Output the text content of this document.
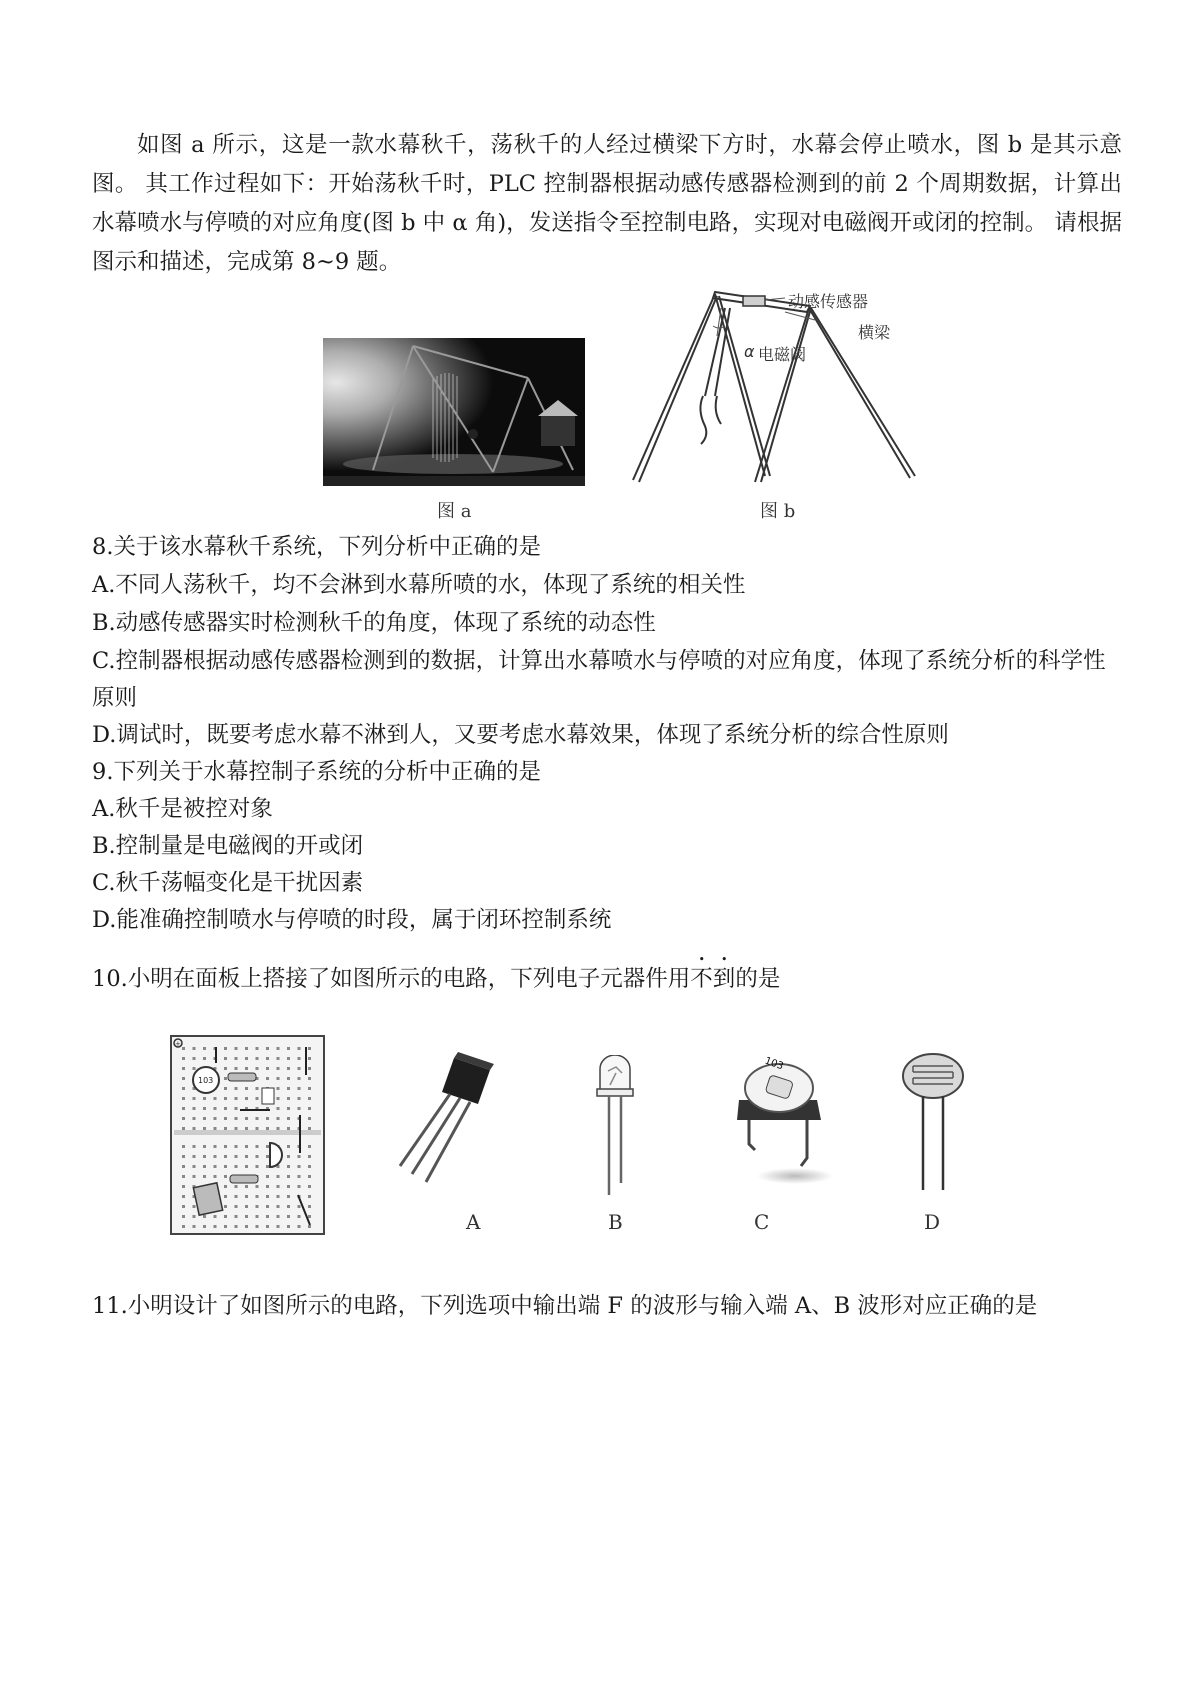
如图 a 所示，这是一款水幕秋千，荡秋千的人经过横梁下方时，水幕会停止喷水，图 b 是其示意图。 其工作过程如下：开始荡秋千时，PLC 控制器根据动感传感器检测到的前 2 个周期数据，计算出水幕喷水与停喷的对应角度(图 b 中 α 角)，发送指令至控制电路，实现对电磁阀开或闭的控制。 请根据图示和描述，完成第 8~9 题。

图 a
动感传感器
横梁
α 电磁阀
图 b
8.关于该水幕秋千系统，下列分析中正确的是
A.不同人荡秋千，均不会淋到水幕所喷的水，体现了系统的相关性
B.动感传感器实时检测秋千的角度，体现了系统的动态性
C.控制器根据动感传感器检测到的数据，计算出水幕喷水与停喷的对应角度，体现了系统分析的科学性原则
D.调试时，既要考虑水幕不淋到人，又要考虑水幕效果，体现了系统分析的综合性原则
9.下列关于水幕控制子系统的分析中正确的是
A.秋千是被控对象
B.控制量是电磁阀的开或闭
C.秋千荡幅变化是干扰因素
D.能准确控制喷水与停喷的时段，属于闭环控制系统
10.小明在面板上搭接了如图所示的电路，下列电子元器件用不到的是
+
103
103
A	B	C	D
11.小明设计了如图所示的电路，下列选项中输出端 F 的波形与输入端 A、B 波形对应正确的是
